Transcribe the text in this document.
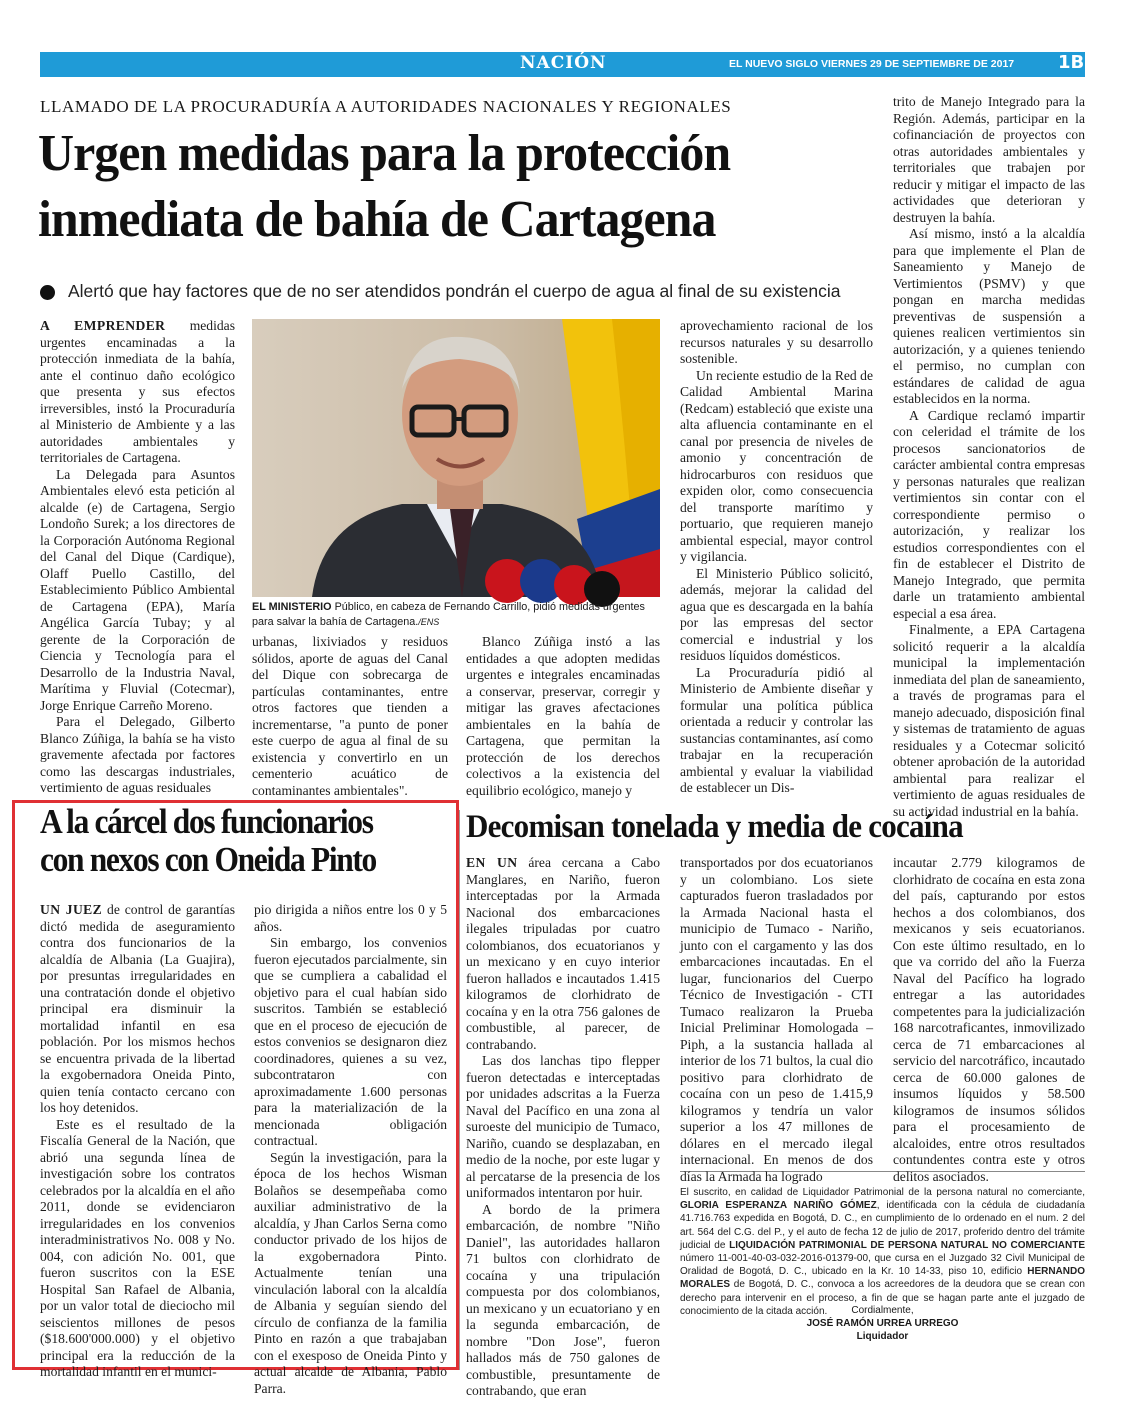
NACIÓN	EL NUEVO SIGLO VIERNES 29 DE SEPTIEMBRE DE 2017 1B
LLAMADO DE LA PROCURADURÍA A AUTORIDADES NACIONALES Y REGIONALES
Urgen medidas para la protección
inmediata de bahía de Cartagena
Alertó que hay factores que de no ser atendidos pondrán el cuerpo de agua al final de su existencia

A EMPRENDER medidas urgentes encaminadas a la protección inmediata de la bahía, ante el continuo daño ecológico que presenta y sus efectos irreversibles, instó la Procuraduría al Ministerio de Ambiente y a las autoridades ambientales y territoriales de Cartagena.

La Delegada para Asuntos Ambientales elevó esta petición al alcalde (e) de Cartagena, Sergio Londoño Surek; a los directores de la Corporación Autónoma Regional del Canal del Dique (Cardique), Olaff Puello Castillo, del Establecimiento Público Ambiental de Cartagena (EPA), María Angélica García Tubay; y al gerente de la Corporación de Ciencia y Tecnología para el Desarrollo de la Industria Naval, Marítima y Fluvial (Cotecmar), Jorge Enrique Carreño Moreno.

Para el Delegado, Gilberto Blanco Zúñiga, la bahía se ha visto gravemente afectada por factores como las descargas industriales, vertimiento de aguas residuales

EL MINISTERIO Público, en cabeza de Fernando Carrillo, pidió medidas urgentes para salvar la bahía de Cartagena./ENS

urbanas, lixiviados y residuos sólidos, aporte de aguas del Canal del Dique con sobrecarga de partículas contaminantes, entre otros factores que tienden a incrementarse, "a punto de poner este cuerpo de agua al final de su existencia y convertirlo en un cementerio acuático de contaminantes ambientales".

Blanco Zúñiga instó a las entidades a que adopten medidas urgentes e integrales encaminadas a conservar, preservar, corregir y mitigar las graves afectaciones ambientales en la bahía de Cartagena, que permitan la protección de los derechos colectivos a la existencia del equilibrio ecológico, manejo y

aprovechamiento racional de los recursos naturales y su desarrollo sostenible.

Un reciente estudio de la Red de Calidad Ambiental Marina (Redcam) estableció que existe una alta afluencia contaminante en el canal por presencia de niveles de amonio y concentración de hidrocarburos con residuos que expiden olor, como consecuencia del transporte marítimo y portuario, que requieren manejo ambiental especial, mayor control y vigilancia.

El Ministerio Público solicitó, además, mejorar la calidad del agua que es descargada en la bahía por las empresas del sector comercial e industrial y los residuos líquidos domésticos.

La Procuraduría pidió al Ministerio de Ambiente diseñar y formular una política pública orientada a reducir y controlar las sustancias contaminantes, así como trabajar en la recuperación ambiental y evaluar la viabilidad de establecer un Dis-

trito de Manejo Integrado para la Región. Además, participar en la cofinanciación de proyectos con otras autoridades ambientales y territoriales que trabajen por reducir y mitigar el impacto de las actividades que deterioran y destruyen la bahía.

Así mismo, instó a la alcaldía para que implemente el Plan de Saneamiento y Manejo de Vertimientos (PSMV) y que pongan en marcha medidas preventivas de suspensión a quienes realicen vertimientos sin autorización, y a quienes teniendo el permiso, no cumplan con estándares de calidad de agua establecidos en la norma.

A Cardique reclamó impartir con celeridad el trámite de los procesos sancionatorios de carácter ambiental contra empresas y personas naturales que realizan vertimientos sin contar con el correspondiente permiso o autorización, y realizar los estudios correspondientes con el fin de establecer el Distrito de Manejo Integrado, que permita darle un tratamiento ambiental especial a esa área.

Finalmente, a EPA Cartagena solicitó requerir a la alcaldía municipal la implementación inmediata del plan de saneamiento, a través de programas para el manejo adecuado, disposición final y sistemas de tratamiento de aguas residuales y a Cotecmar solicitó obtener aprobación de la autoridad ambiental para realizar el vertimiento de aguas residuales de su actividad industrial en la bahía.

A la cárcel dos funcionarios
con nexos con Oneida Pinto

UN JUEZ de control de garantías dictó medida de aseguramiento contra dos funcionarios de la alcaldía de Albania (La Guajira), por presuntas irregularidades en una contratación donde el objetivo principal era disminuir la mortalidad infantil en esa población. Por los mismos hechos se encuentra privada de la libertad la exgobernadora Oneida Pinto, quien tenía contacto cercano con los hoy detenidos.

Este es el resultado de la Fiscalía General de la Nación, que abrió una segunda línea de investigación sobre los contratos celebrados por la alcaldía en el año 2011, donde se evidenciaron irregularidades en los convenios interadministrativos No. 008 y No. 004, con adición No. 001, que fueron suscritos con la ESE Hospital San Rafael de Albania, por un valor total de dieciocho mil seiscientos millones de pesos ($18.600'000.000) y el objetivo principal era la reducción de la mortalidad infantil en el munici-

pio dirigida a niños entre los 0 y 5 años.

Sin embargo, los convenios fueron ejecutados parcialmente, sin que se cumpliera a cabalidad el objetivo para el cual habían sido suscritos. También se estableció que en el proceso de ejecución de estos convenios se designaron diez coordinadores, quienes a su vez, subcontrataron con aproximadamente 1.600 personas para la materialización de la mencionada obligación contractual.

Según la investigación, para la época de los hechos Wisman Bolaños se desempeñaba como auxiliar administrativo de la alcaldía, y Jhan Carlos Serna como conductor privado de los hijos de la exgobernadora Pinto. Actualmente tenían una vinculación laboral con la alcaldía de Albania y seguían siendo del círculo de confianza de la familia Pinto en razón a que trabajaban con el exesposo de Oneida Pinto y actual alcalde de Albania, Pablo Parra.

Decomisan tonelada y media de cocaína

EN UN área cercana a Cabo Manglares, en Nariño, fueron interceptadas por la Armada Nacional dos embarcaciones ilegales tripuladas por cuatro colombianos, dos ecuatorianos y un mexicano y en cuyo interior fueron hallados e incautados 1.415 kilogramos de clorhidrato de cocaína y en la otra 756 galones de combustible, al parecer, de contrabando.

Las dos lanchas tipo flepper fueron detectadas e interceptadas por unidades adscritas a la Fuerza Naval del Pacífico en una zona al suroeste del municipio de Tumaco, Nariño, cuando se desplazaban, en medio de la noche, por este lugar y al percatarse de la presencia de los uniformados intentaron por huir.

A bordo de la primera embarcación, de nombre "Niño Daniel", las autoridades hallaron 71 bultos con clorhidrato de cocaína y una tripulación compuesta por dos colombianos, un mexicano y un ecuatoriano y en la segunda embarcación, de nombre "Don Jose", fueron hallados más de 750 galones de combustible, presuntamente de contrabando, que eran

transportados por dos ecuatorianos y un colombiano. Los siete capturados fueron trasladados por la Armada Nacional hasta el municipio de Tumaco - Nariño, junto con el cargamento y las dos embarcaciones incautadas. En el lugar, funcionarios del Cuerpo Técnico de Investigación - CTI Tumaco realizaron la Prueba Inicial Preliminar Homologada – Piph, a la sustancia hallada al interior de los 71 bultos, la cual dio positivo para clorhidrato de cocaína con un peso de 1.415,9 kilogramos y tendría un valor superior a los 47 millones de dólares en el mercado ilegal internacional. En menos de dos días la Armada ha logrado

incautar 2.779 kilogramos de clorhidrato de cocaína en esta zona del país, capturando por estos hechos a dos colombianos, dos mexicanos y seis ecuatorianos. Con este último resultado, en lo que va corrido del año la Fuerza Naval del Pacífico ha logrado entregar a las autoridades competentes para la judicialización 168 narcotraficantes, inmovilizado cerca de 71 embarcaciones al servicio del narcotráfico, incautado cerca de 60.000 galones de insumos líquidos y 58.500 kilogramos de insumos sólidos para el procesamiento de alcaloides, entre otros resultados contundentes contra este y otros delitos asociados.

El suscrito, en calidad de Liquidador Patrimonial de la persona natural no comerciante, GLORIA ESPERANZA NARIÑO GÓMEZ, identificada con la cédula de ciudadanía 41.716.763 expedida en Bogotá, D. C., en cumplimiento de lo ordenado en el num. 2 del art. 564 del C.G. del P., y el auto de fecha 12 de julio de 2017, proferido dentro del trámite judicial de LIQUIDACIÓN PATRIMONIAL DE PERSONA NATURAL NO COMERCIANTE número 11-001-40-03-032-2016-01379-00, que cursa en el Juzgado 32 Civil Municipal de Oralidad de Bogotá, D. C., ubicado en la Kr. 10 14-33, piso 10, edificio HERNANDO MORALES de Bogotá, D. C., convoca a los acreedores de la deudora que se crean con derecho para intervenir en el proceso, a fin de que se hagan parte ante el juzgado de conocimiento de la citada acción.	Cordialmente,
JOSÉ RAMÓN URREA URREGO
Liquidador
